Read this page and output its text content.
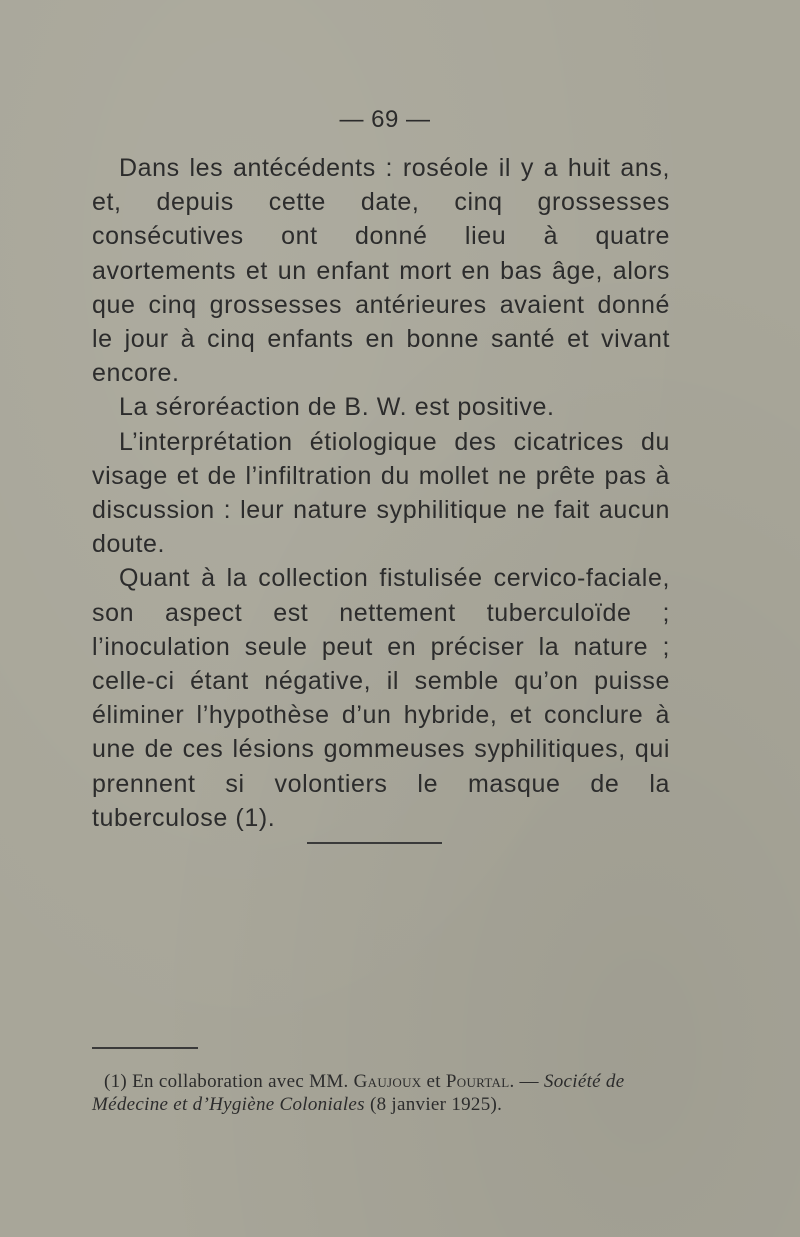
— 69 —

Dans les antécédents : roséole il y a huit ans, et, depuis cette date, cinq grossesses consécutives ont donné lieu à quatre avortements et un enfant mort en bas âge, alors que cinq grossesses antérieures avaient donné le jour à cinq enfants en bonne santé et vivant encore.

La séroréaction de B. W. est positive.

L’interprétation étiologique des cicatrices du visage et de l’infiltration du mollet ne prête pas à discussion : leur nature syphilitique ne fait aucun doute.

Quant à la collection fistulisée cervico-faciale, son aspect est nettement tuberculoïde ; l’inoculation seule peut en préciser la nature ; celle-ci étant négative, il semble qu’on puisse éliminer l’hypothèse d’un hybride, et conclure à une de ces lésions gommeuses syphilitiques, qui prennent si volontiers le masque de la tuberculose (1).

(1) En collaboration avec MM. Gaujoux et Pourtal. — Société de Médecine et d’Hygiène Coloniales (8 janvier 1925).
